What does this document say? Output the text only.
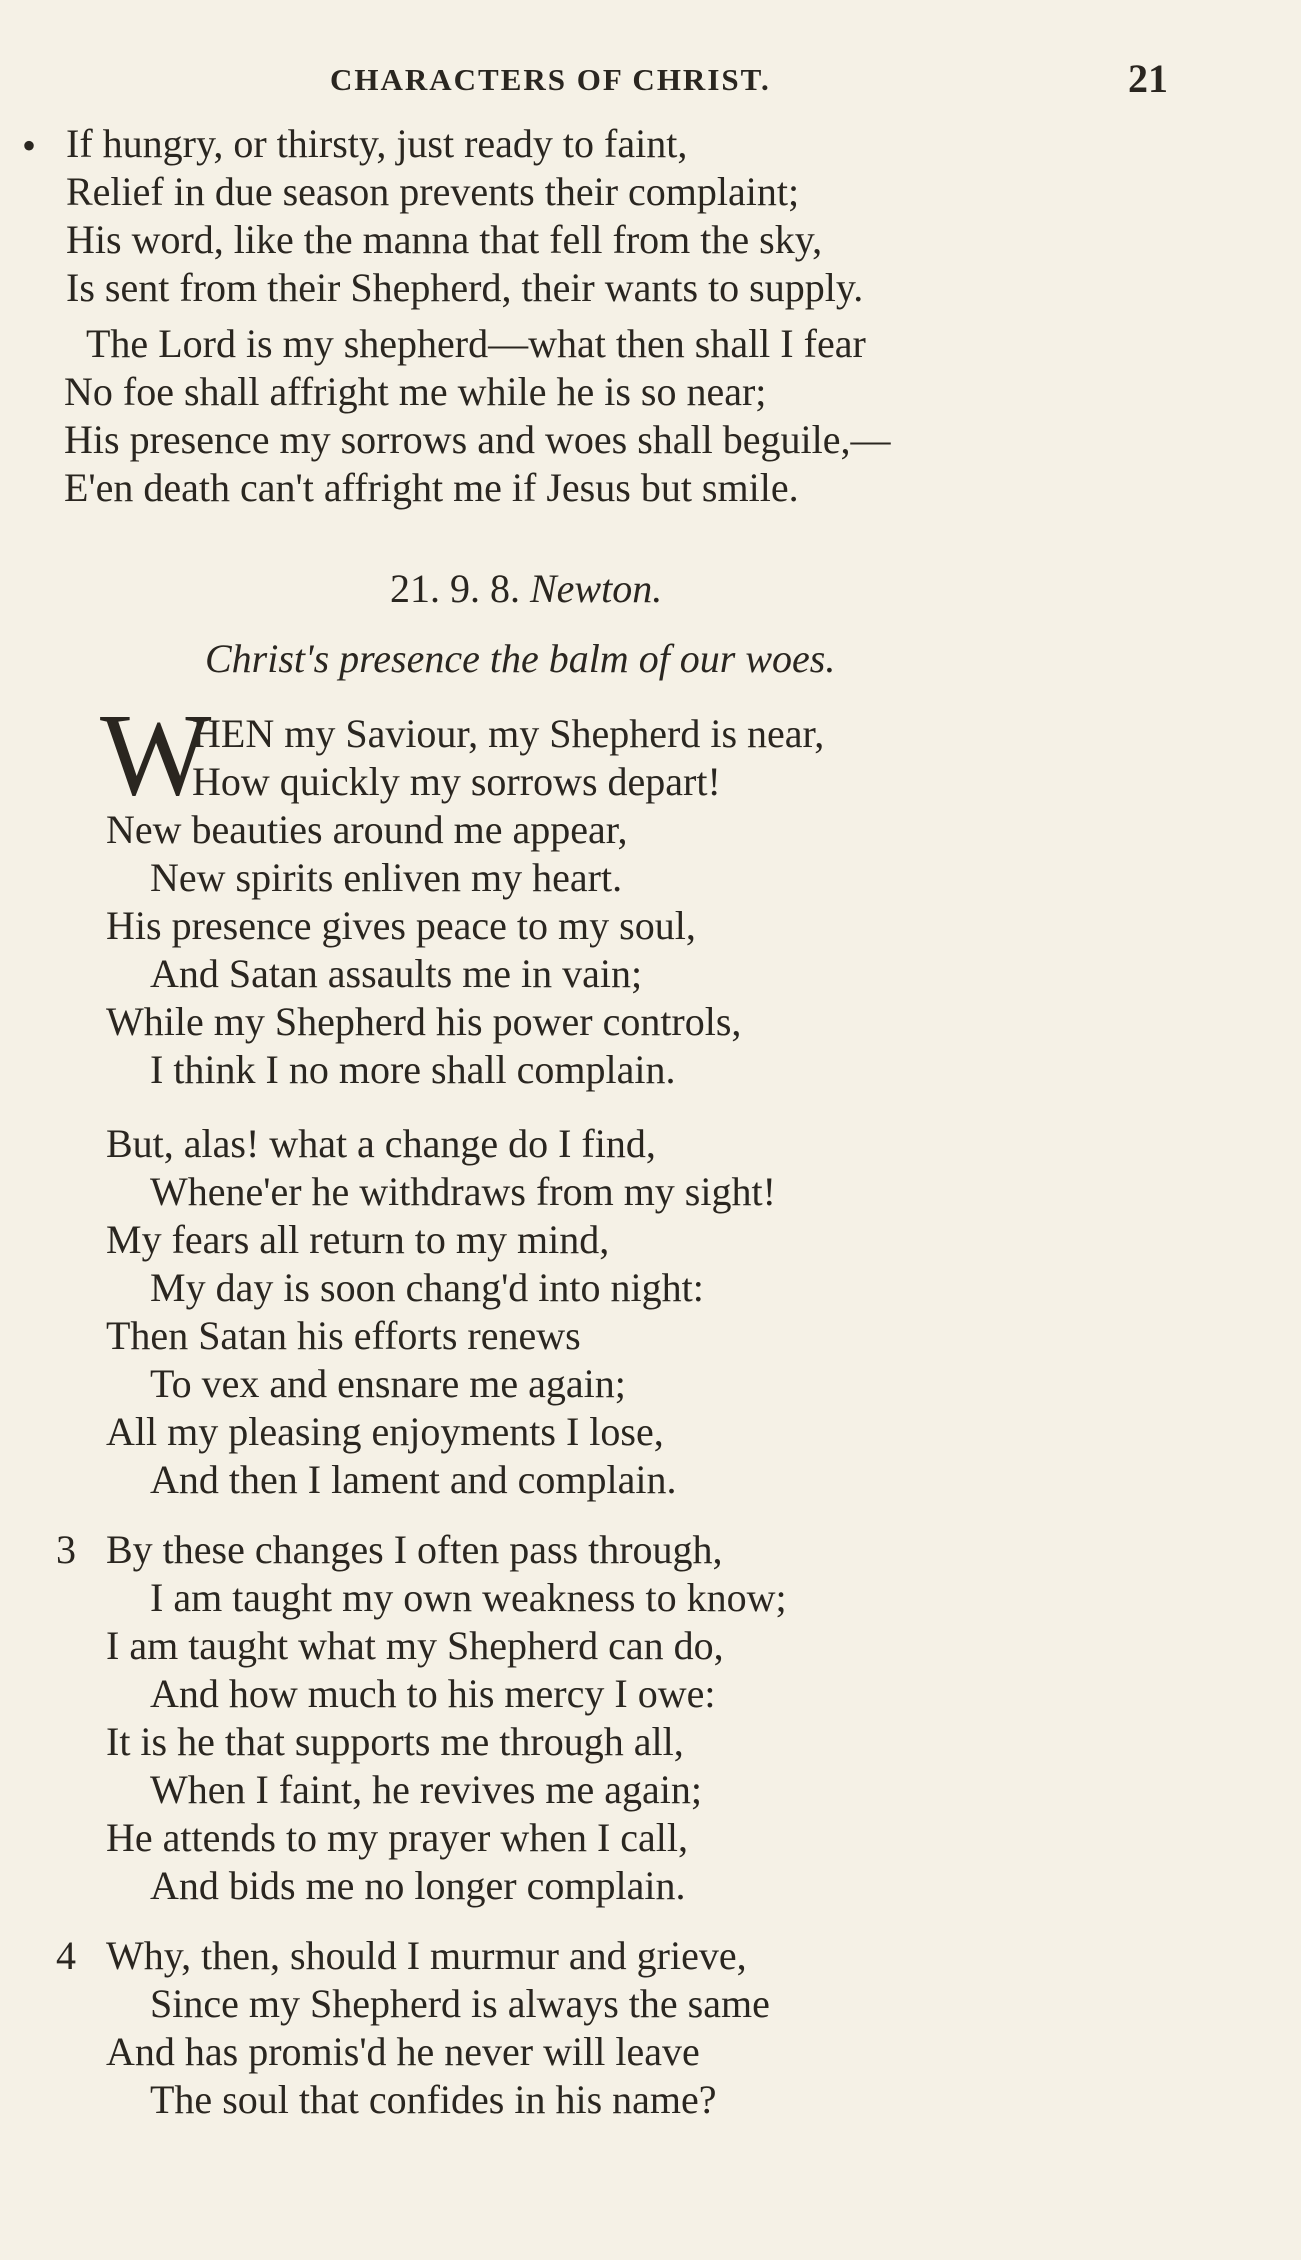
CHARACTERS OF CHRIST.	21
• If hungry, or thirsty, just ready to faint,
Relief in due season prevents their complaint;
His word, like the manna that fell from the sky,
Is sent from their Shepherd, their wants to supply.
The Lord is my shepherd—what then shall I fear
No foe shall affright me while he is so near;
His presence my sorrows and woes shall beguile,—
E'en death can't affright me if Jesus but smile.
21. 9. 8. Newton.
Christ's presence the balm of our woes.
W
HEN my Saviour, my Shepherd is near,
How quickly my sorrows depart!
New beauties around me appear,
New spirits enliven my heart.
His presence gives peace to my soul,
And Satan assaults me in vain;
While my Shepherd his power controls,
I think I no more shall complain.
But, alas! what a change do I find,
Whene'er he withdraws from my sight!
My fears all return to my mind,
My day is soon chang'd into night:
Then Satan his efforts renews
To vex and ensnare me again;
All my pleasing enjoyments I lose,
And then I lament and complain.
3 By these changes I often pass through,
I am taught my own weakness to know;
I am taught what my Shepherd can do,
And how much to his mercy I owe:
It is he that supports me through all,
When I faint, he revives me again;
He attends to my prayer when I call,
And bids me no longer complain.
4 Why, then, should I murmur and grieve,
Since my Shepherd is always the same
And has promis'd he never will leave
The soul that confides in his name?
